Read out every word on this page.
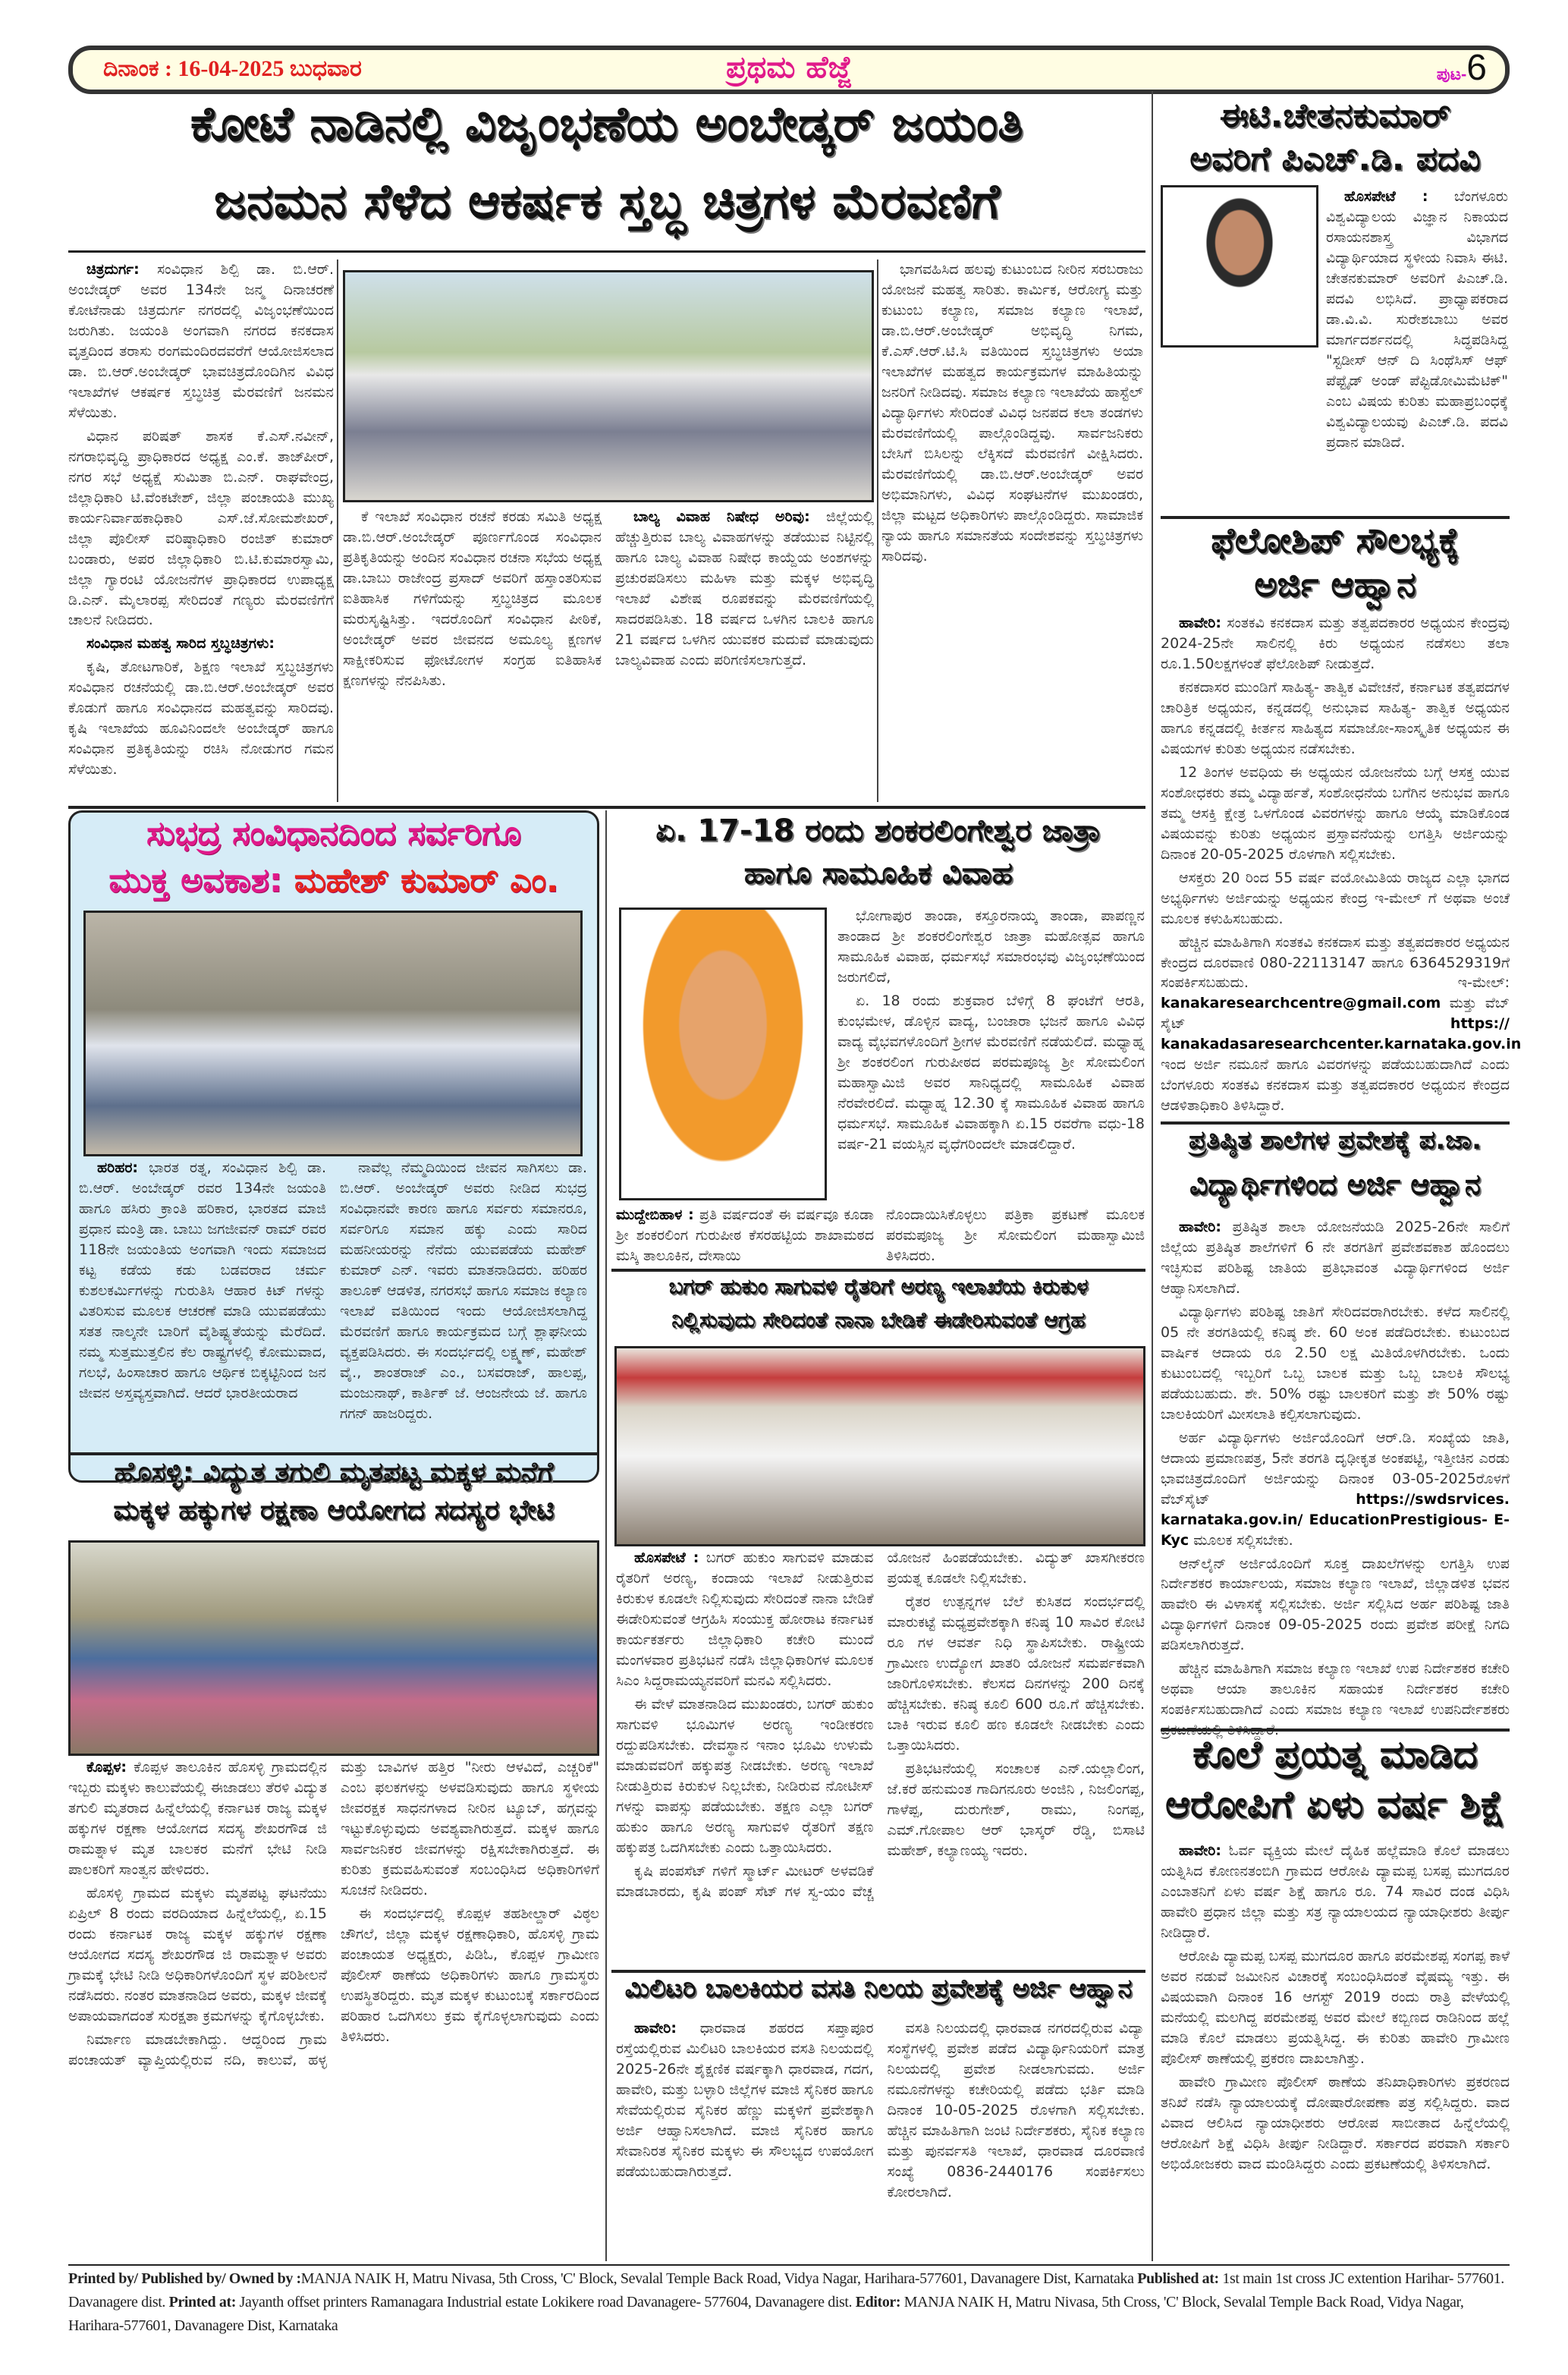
ದಿನಾಂಕ : 16-04-2025 ಬುಧವಾರ	ಪ್ರಥಮ ಹೆಜ್ಜೆ	ಪುಟ-6
ಕೋಟೆ ನಾಡಿನಲ್ಲಿ ವಿಜೃಂಭಣೆಯ ಅಂಬೇಡ್ಕರ್ ಜಯಂತಿ
ಜನಮನ ಸೆಳೆದ ಆಕರ್ಷಕ ಸ್ತಬ್ಧ ಚಿತ್ರಗಳ ಮೆರವಣಿಗೆ

ಚಿತ್ರದುರ್ಗ: ಸಂವಿಧಾನ ಶಿಲ್ಪಿ ಡಾ. ಬಿ.ಆರ್. ಅಂಬೇಡ್ಕರ್ ಅವರ 134ನೇ ಜನ್ಮ ದಿನಾಚರಣೆ ಕೋಟೆನಾಡು ಚಿತ್ರದುರ್ಗ ನಗರದಲ್ಲಿ ವಿಜೃಂಭಣೆಯಿಂದ ಜರುಗಿತು. ಜಯಂತಿ ಅಂಗವಾಗಿ ನಗರದ ಕನಕದಾಸ ವೃತ್ತದಿಂದ ತರಾಸು ರಂಗಮಂದಿರದವರೆಗೆ ಆಯೋಜಿಸಲಾದ ಡಾ. ಬಿ.ಆರ್.ಅಂಬೇಡ್ಕರ್ ಭಾವಚಿತ್ರದೊಂದಿಗಿನ ವಿವಿಧ ಇಲಾಖೆಗಳ ಆಕರ್ಷಕ ಸ್ತಬ್ಧಚಿತ್ರ ಮೆರವಣಿಗೆ ಜನಮನ ಸೆಳೆಯಿತು.

ವಿಧಾನ ಪರಿಷತ್ ಶಾಸಕ ಕೆ.ಎಸ್.ನವೀನ್, ನಗರಾಭಿವೃದ್ಧಿ ಪ್ರಾಧಿಕಾರದ ಅಧ್ಯಕ್ಷ ಎಂ.ಕೆ. ತಾಜ್‍ಪೀರ್, ನಗರ ಸಭೆ ಅಧ್ಯಕ್ಷೆ ಸುಮಿತಾ ಬಿ.ಎನ್. ರಾಘವೇಂದ್ರ, ಜಿಲ್ಲಾಧಿಕಾರಿ ಟಿ.ವೆಂಕಟೇಶ್, ಜಿಲ್ಲಾ ಪಂಚಾಯತಿ ಮುಖ್ಯ ಕಾರ್ಯನಿರ್ವಾಹಕಾಧಿಕಾರಿ ಎಸ್.ಜೆ.ಸೋಮಶೇಖರ್, ಜಿಲ್ಲಾ ಪೊಲೀಸ್ ವರಿಷ್ಠಾಧಿಕಾರಿ ರಂಜಿತ್ ಕುಮಾರ್ ಬಂಡಾರು, ಅಪರ ಜಿಲ್ಲಾಧಿಕಾರಿ ಬಿ.ಟಿ.ಕುಮಾರಸ್ವಾಮಿ, ಜಿಲ್ಲಾ ಗ್ಯಾರಂಟಿ ಯೋಜನೆಗಳ ಪ್ರಾಧಿಕಾರದ ಉಪಾಧ್ಯಕ್ಷ ಡಿ.ಎನ್. ಮೈಲಾರಪ್ಪ ಸೇರಿದಂತೆ ಗಣ್ಯರು ಮೆರವಣಿಗೆಗೆ ಚಾಲನೆ ನೀಡಿದರು.

ಸಂವಿಧಾನ ಮಹತ್ವ ಸಾರಿದ ಸ್ತಬ್ಧಚಿತ್ರಗಳು:

ಕೃಷಿ, ತೋಟಗಾರಿಕೆ, ಶಿಕ್ಷಣ ಇಲಾಖೆ ಸ್ತಬ್ಧಚಿತ್ರಗಳು ಸಂವಿಧಾನ ರಚನೆಯಲ್ಲಿ ಡಾ.ಬಿ.ಆರ್.ಅಂಬೇಡ್ಕರ್ ಅವರ ಕೊಡುಗೆ ಹಾಗೂ ಸಂವಿಧಾನದ ಮಹತ್ವವನ್ನು ಸಾರಿದವು. ಕೃಷಿ ಇಲಾಖೆಯ ಹೂವಿನಿಂದಲೇ ಅಂಬೇಡ್ಕರ್ ಹಾಗೂ ಸಂವಿಧಾನ ಪ್ರತಿಕೃತಿಯನ್ನು ರಚಿಸಿ ನೋಡುಗರ ಗಮನ ಸೆಳೆಯಿತು.

ಕೆ ಇಲಾಖೆ ಸಂವಿಧಾನ ರಚನೆ ಕರಡು ಸಮಿತಿ ಅಧ್ಯಕ್ಷ ಡಾ.ಬಿ.ಆರ್.ಅಂಬೇಡ್ಕರ್ ಪೂರ್ಣಗೊಂಡ ಸಂವಿಧಾನ ಪ್ರತಿಕೃತಿಯನ್ನು ಅಂದಿನ ಸಂವಿಧಾನ ರಚನಾ ಸಭೆಯ ಅಧ್ಯಕ್ಷ ಡಾ.ಬಾಬು ರಾಜೇಂದ್ರ ಪ್ರಸಾದ್ ಅವರಿಗೆ ಹಸ್ತಾಂತರಿಸುವ ಐತಿಹಾಸಿಕ ಗಳಿಗೆಯನ್ನು ಸ್ತಬ್ಧಚಿತ್ರದ ಮೂಲಕ ಮರುಸೃಷ್ಟಿಸಿತ್ತು. ಇದರೊಂದಿಗೆ ಸಂವಿಧಾನ ಪೀಠಿಕೆ, ಅಂಬೇಡ್ಕರ್ ಅವರ ಜೀವನದ ಅಮೂಲ್ಯ ಕ್ಷಣಗಳ ಸಾಕ್ಷೀಕರಿಸುವ ಫೋಟೋಗಳ ಸಂಗ್ರಹ ಐತಿಹಾಸಿಕ ಕ್ಷಣಗಳನ್ನು ನೆನಪಿಸಿತು.

ಬಾಲ್ಯ ವಿವಾಹ ನಿಷೇಧ ಅರಿವು: ಜಿಲ್ಲೆಯಲ್ಲಿ ಹೆಚ್ಚುತ್ತಿರುವ ಬಾಲ್ಯ ವಿವಾಹಗಳನ್ನು ತಡೆಯುವ ನಿಟ್ಟಿನಲ್ಲಿ ಹಾಗೂ ಬಾಲ್ಯ ವಿವಾಹ ನಿಷೇಧ ಕಾಯ್ದೆಯ ಅಂಶಗಳನ್ನು ಪ್ರಚುರಪಡಿಸಲು ಮಹಿಳಾ ಮತ್ತು ಮಕ್ಕಳ ಅಭಿವೃದ್ಧಿ ಇಲಾಖೆ ವಿಶೇಷ ರೂಪಕವನ್ನು ಮೆರವಣಿಗೆಯಲ್ಲಿ ಸಾದರಪಡಿಸಿತು. 18 ವರ್ಷದ ಒಳಗಿನ ಬಾಲಕಿ ಹಾಗೂ 21 ವರ್ಷದ ಒಳಗಿನ ಯುವಕರ ಮದುವೆ ಮಾಡುವುದು ಬಾಲ್ಯವಿವಾಹ ಎಂದು ಪರಿಗಣಿಸಲಾಗುತ್ತದೆ.

ಭಾಗವಹಿಸಿದ ಹಲವು ಕುಟುಂಬದ ನೀರಿನ ಸರಬರಾಜು ಯೋಜನೆ ಮಹತ್ವ ಸಾರಿತು. ಕಾರ್ಮಿಕ, ಆರೋಗ್ಯ ಮತ್ತು ಕುಟುಂಬ ಕಲ್ಯಾಣ, ಸಮಾಜ ಕಲ್ಯಾಣ ಇಲಾಖೆ, ಡಾ.ಬಿ.ಆರ್.ಅಂಬೇಡ್ಕರ್ ಅಭಿವೃದ್ಧಿ ನಿಗಮ, ಕೆ.ಎಸ್.ಆರ್.ಟಿ.ಸಿ ವತಿಯಿಂದ ಸ್ತಬ್ಧಚಿತ್ರಗಳು ಅಯಾ ಇಲಾಖೆಗಳ ಮಹತ್ವದ ಕಾರ್ಯಕ್ರಮಗಳ ಮಾಹಿತಿಯನ್ನು ಜನರಿಗೆ ನೀಡಿದವು. ಸಮಾಜ ಕಲ್ಯಾಣ ಇಲಾಖೆಯ ಹಾಸ್ಟೆಲ್ ವಿದ್ಯಾರ್ಥಿಗಳು ಸೇರಿದಂತೆ ವಿವಿಧ ಜನಪದ ಕಲಾ ತಂಡಗಳು ಮೆರವಣಿಗೆಯಲ್ಲಿ ಪಾಲ್ಗೊಂಡಿದ್ದವು. ಸಾರ್ವಜನಿಕರು ಬೇಸಿಗೆ ಬಿಸಿಲನ್ನು ಲೆಕ್ಕಿಸದೆ ಮೆರವಣಿಗೆ ವೀಕ್ಷಿಸಿದರು. ಮೆರವಣಿಗೆಯಲ್ಲಿ ಡಾ.ಬಿ.ಆರ್.ಅಂಬೇಡ್ಕರ್ ಅವರ ಅಭಿಮಾನಿಗಳು, ವಿವಿಧ ಸಂಘಟನೆಗಳ ಮುಖಂಡರು, ಜಿಲ್ಲಾ ಮಟ್ಟದ ಅಧಿಕಾರಿಗಳು ಪಾಲ್ಗೊಂಡಿದ್ದರು. ಸಾಮಾಜಿಕ ನ್ಯಾಯ ಹಾಗೂ ಸಮಾನತೆಯ ಸಂದೇಶವನ್ನು ಸ್ತಬ್ಧಚಿತ್ರಗಳು ಸಾರಿದವು.

ಈಟಿ.ಚೇತನಕುಮಾರ್
ಅವರಿಗೆ ಪಿಎಚ್.ಡಿ. ಪದವಿ

ಹೊಸಪೇಟೆ : ಬೆಂಗಳೂರು ವಿಶ್ವವಿದ್ಯಾಲಯ ವಿಜ್ಞಾನ ನಿಕಾಯದ ರಸಾಯನಶಾಸ್ತ್ರ ವಿಭಾಗದ ವಿದ್ಯಾರ್ಥಿಯಾದ ಸ್ಥಳೀಯ ನಿವಾಸಿ ಈಟಿ. ಚೇತನಕುಮಾರ್ ಅವರಿಗೆ ಪಿಎಚ್.ಡಿ. ಪದವಿ ಲಭಿಸಿದೆ. ಪ್ರಾಧ್ಯಾಪಕರಾದ ಡಾ.ವಿ.ವಿ. ಸುರೇಶಬಾಬು ಅವರ ಮಾರ್ಗದರ್ಶನದಲ್ಲಿ ಸಿದ್ಧಪಡಿಸಿದ್ದ "ಸ್ಟಡೀಸ್ ಆನ್ ದಿ ಸಿಂಥೆಸಿಸ್ ಆಫ್ ಪೆಪ್ಟೈಡ್ ಅಂಡ್ ಪೆಪ್ಟಿಡೋಮಿಮೆಟಿಕ್" ಎಂಬ ವಿಷಯ ಕುರಿತು ಮಹಾಪ್ರಬಂಧಕ್ಕೆ ವಿಶ್ವವಿದ್ಯಾಲಯವು ಪಿಎಚ್.ಡಿ. ಪದವಿ ಪ್ರದಾನ ಮಾಡಿದೆ.

ಫೆಲೋಶಿಪ್ ಸೌಲಭ್ಯಕ್ಕೆ
ಅರ್ಜಿ ಆಹ್ವಾನ

ಹಾವೇರಿ: ಸಂತಕವಿ ಕನಕದಾಸ ಮತ್ತು ತತ್ವಪದಕಾರರ ಅಧ್ಯಯನ ಕೇಂದ್ರವು 2024-25ನೇ ಸಾಲಿನಲ್ಲಿ ಕಿರು ಅಧ್ಯಯನ ನಡೆಸಲು ತಲಾ ರೂ.1.50ಲಕ್ಷಗಳಂತೆ ಫೆಲೋಶಿಪ್ ನೀಡುತ್ತದೆ.

ಕನಕದಾಸರ ಮುಂಡಿಗೆ ಸಾಹಿತ್ಯ- ತಾತ್ವಿಕ ವಿವೇಚನೆ, ಕರ್ನಾಟಕ ತತ್ವಪದಗಳ ಚಾರಿತ್ರಿಕ ಅಧ್ಯಯನ, ಕನ್ನಡದಲ್ಲಿ ಅನುಭಾವ ಸಾಹಿತ್ಯ- ತಾತ್ವಿಕ ಅಧ್ಯಯನ ಹಾಗೂ ಕನ್ನಡದಲ್ಲಿ ಕೀರ್ತನ ಸಾಹಿತ್ಯದ ಸಮಾಜೋ-ಸಾಂಸ್ಕೃತಿಕ ಅಧ್ಯಯನ ಈ ವಿಷಯಗಳ ಕುರಿತು ಅಧ್ಯಯನ ನಡೆಸಬೇಕು.

12 ತಿಂಗಳ ಅವಧಿಯ ಈ ಅಧ್ಯಯನ ಯೋಜನೆಯ ಬಗ್ಗೆ ಆಸಕ್ತ ಯುವ ಸಂಶೋಧಕರು ತಮ್ಮ ವಿದ್ಯಾರ್ಹತೆ, ಸಂಶೋಧನೆಯ ಬಗೆಗಿನ ಅನುಭವ ಹಾಗೂ ತಮ್ಮ ಆಸಕ್ತಿ ಕ್ಷೇತ್ರ ಒಳಗೊಂಡ ವಿವರಗಳನ್ನು ಹಾಗೂ ಆಯ್ಕೆ ಮಾಡಿಕೊಂಡ ವಿಷಯವನ್ನು ಕುರಿತು ಅಧ್ಯಯನ ಪ್ರಸ್ತಾವನೆಯನ್ನು ಲಗತ್ತಿಸಿ ಅರ್ಜಿಯನ್ನು ದಿನಾಂಕ 20-05-2025 ರೊಳಗಾಗಿ ಸಲ್ಲಿಸಬೇಕು.

ಆಸಕ್ತರು 20 ರಿಂದ 55 ವರ್ಷ ವಯೋಮಿತಿಯ ರಾಜ್ಯದ ಎಲ್ಲಾ ಭಾಗದ ಅಭ್ಯರ್ಥಿಗಳು ಅರ್ಜಿಯನ್ನು ಅಧ್ಯಯನ ಕೇಂದ್ರ ಇ-ಮೇಲ್ ಗೆ ಅಥವಾ ಅಂಚೆ ಮೂಲಕ ಕಳುಹಿಸಬಹುದು.

ಹೆಚ್ಚಿನ ಮಾಹಿತಿಗಾಗಿ ಸಂತಕವಿ ಕನಕದಾಸ ಮತ್ತು ತತ್ವಪದಕಾರರ ಅಧ್ಯಯನ ಕೇಂದ್ರದ ದೂರವಾಣಿ 080-22113147 ಹಾಗೂ 6364529319ಗೆ ಸಂಪರ್ಕಿಸಬಹುದು. ಇ-ಮೇಲ್: kanakaresearchcentre@gmail.com ಮತ್ತು ವೆಬ್ ಸೈಟ್	https:// kanakadasaresearchcenter.karnataka.gov.in ಇಂದ ಅರ್ಜಿ ನಮೂನೆ ಹಾಗೂ ವಿವರಗಳನ್ನು ಪಡೆಯಬಹುದಾಗಿದೆ ಎಂದು ಬೆಂಗಳೂರು ಸಂತಕವಿ ಕನಕದಾಸ ಮತ್ತು ತತ್ವಪದಕಾರರ ಅಧ್ಯಯನ ಕೇಂದ್ರದ ಆಡಳಿತಾಧಿಕಾರಿ ತಿಳಿಸಿದ್ದಾರೆ.

ಪ್ರತಿಷ್ಠಿತ ಶಾಲೆಗಳ ಪ್ರವೇಶಕ್ಕೆ ಪ.ಜಾ.
ವಿದ್ಯಾರ್ಥಿಗಳಿಂದ ಅರ್ಜಿ ಆಹ್ವಾನ

ಹಾವೇರಿ: ಪ್ರತಿಷ್ಠಿತ ಶಾಲಾ ಯೋಜನೆಯಡಿ 2025-26ನೇ ಸಾಲಿಗೆ ಜಿಲ್ಲೆಯ ಪ್ರತಿಷ್ಠಿತ ಶಾಲೆಗಳಿಗೆ 6 ನೇ ತರಗತಿಗೆ ಪ್ರವೇಶವಕಾಶ ಹೊಂದಲು ಇಚ್ಛಿಸುವ ಪರಿಶಿಷ್ಟ ಜಾತಿಯ ಪ್ರತಿಭಾವಂತ ವಿದ್ಯಾರ್ಥಿಗಳಿಂದ ಅರ್ಜಿ ಆಹ್ವಾನಿಸಲಾಗಿದೆ.

ವಿದ್ಯಾರ್ಥಿಗಳು ಪರಿಶಿಷ್ಟ ಜಾತಿಗೆ ಸೇರಿದವರಾಗಿರಬೇಕು. ಕಳೆದ ಸಾಲಿನಲ್ಲಿ 05 ನೇ ತರಗತಿಯಲ್ಲಿ ಕನಿಷ್ಠ ಶೇ. 60 ಅಂಕ ಪಡೆದಿರಬೇಕು. ಕುಟುಂಬದ ವಾರ್ಷಿಕ ಆದಾಯ ರೂ 2.50 ಲಕ್ಷ ಮಿತಿಯೊಳಗಿರಬೇಕು. ಒಂದು ಕುಟುಂಬದಲ್ಲಿ ಇಬ್ಬರಿಗೆ ಒಬ್ಬ ಬಾಲಕ ಮತ್ತು ಒಬ್ಬ ಬಾಲಕಿ ಸೌಲಭ್ಯ ಪಡೆಯಬಹುದು. ಶೇ. 50% ರಷ್ಟು ಬಾಲಕರಿಗೆ ಮತ್ತು ಶೇ 50% ರಷ್ಟು ಬಾಲಕಿಯರಿಗೆ ಮೀಸಲಾತಿ ಕಲ್ಪಿಸಲಾಗುವುದು.

ಅರ್ಹ ವಿದ್ಯಾರ್ಥಿಗಳು ಅರ್ಜಿಯೊಂದಿಗೆ ಆರ್.ಡಿ. ಸಂಖ್ಯೆಯ ಜಾತಿ, ಆದಾಯ ಪ್ರಮಾಣಪತ್ರ, 5ನೇ ತರಗತಿ ದೃಢೀಕೃತ ಅಂಕಪಟ್ಟಿ, ಇತ್ತೀಚಿನ ಎರಡು ಭಾವಚಿತ್ರದೊಂದಿಗೆ ಅರ್ಜಿಯನ್ನು ದಿನಾಂಕ 03-05-2025ರೊಳಗೆ ವೆಬ್‌ಸೈಟ್	https://swdsrvices. karnataka.gov.in/ EducationPrestigious- E-Kyc ಮೂಲಕ ಸಲ್ಲಿಸಬೇಕು.

ಆನ್‌ಲೈನ್ ಅರ್ಜಿಯೊಂದಿಗೆ ಸೂಕ್ತ ದಾಖಲೆಗಳನ್ನು ಲಗತ್ತಿಸಿ ಉಪ ನಿರ್ದೇಶಕರ ಕಾರ್ಯಾಲಯ, ಸಮಾಜ ಕಲ್ಯಾಣ ಇಲಾಖೆ, ಜಿಲ್ಲಾಡಳಿತ ಭವನ ಹಾವೇರಿ ಈ ವಿಳಾಸಕ್ಕೆ ಸಲ್ಲಿಸಬೇಕು. ಅರ್ಜಿ ಸಲ್ಲಿಸಿದ ಅರ್ಹ ಪರಿಶಿಷ್ಟ ಜಾತಿ ವಿದ್ಯಾರ್ಥಿಗಳಿಗೆ ದಿನಾಂಕ 09-05-2025 ರಂದು ಪ್ರವೇಶ ಪರೀಕ್ಷೆ ನಿಗದಿ ಪಡಿಸಲಾಗಿರುತ್ತದೆ.

ಹೆಚ್ಚಿನ ಮಾಹಿತಿಗಾಗಿ ಸಮಾಜ ಕಲ್ಯಾಣ ಇಲಾಖೆ ಉಪ ನಿರ್ದೇಶಕರ ಕಚೇರಿ ಅಥವಾ ಆಯಾ ತಾಲೂಕಿನ ಸಹಾಯಕ ನಿರ್ದೇಶಕರ ಕಚೇರಿ ಸಂಪರ್ಕಿಸಬಹುದಾಗಿದೆ ಎಂದು ಸಮಾಜ ಕಲ್ಯಾಣ ಇಲಾಖೆ ಉಪನಿರ್ದೇಶಕರು

ಕೊಲೆ ಪ್ರಯತ್ನ ಮಾಡಿದ
ಆರೋಪಿಗೆ ಏಳು ವರ್ಷ ಶಿಕ್ಷೆ

ಹಾವೇರಿ: ಓರ್ವ ವ್ಯಕ್ತಿಯ ಮೇಲೆ ದೈಹಿಕ ಹಲ್ಲೆಮಾಡಿ ಕೊಲೆ ಮಾಡಲು ಯತ್ನಿಸಿದ ಕೋಣನತಂಬಿಗಿ ಗ್ರಾಮದ ಆರೋಪಿ ದ್ಯಾಮಪ್ಪ ಬಸಪ್ಪ ಮುಗದೂರ ಎಂಬಾತನಿಗೆ ಏಳು ವರ್ಷ ಶಿಕ್ಷೆ ಹಾಗೂ ರೂ. 74 ಸಾವಿರ ದಂಡ ವಿಧಿಸಿ ಹಾವೇರಿ ಪ್ರಧಾನ ಜಿಲ್ಲಾ ಮತ್ತು ಸತ್ರ ನ್ಯಾಯಾಲಯದ ನ್ಯಾಯಾಧೀಶರು ತೀರ್ಪು ನೀಡಿದ್ದಾರೆ.

ಆರೋಪಿ ದ್ಯಾಮಪ್ಪ ಬಸಪ್ಪ ಮುಗದೂರ ಹಾಗೂ ಪರಮೇಶಪ್ಪ ಸಂಗಪ್ಪ ಕಾಳೆ ಅವರ ನಡುವೆ ಜಮೀನಿನ ವಿಚಾರಕ್ಕೆ ಸಂಬಂಧಿಸಿದಂತೆ ವೈಷಮ್ಯ ಇತ್ತು. ಈ ವಿಷಯವಾಗಿ ದಿನಾಂಕ 16 ಆಗಸ್ಟ್ 2019 ರಂದು ರಾತ್ರಿ ವೇಳೆಯಲ್ಲಿ ಮನೆಯಲ್ಲಿ ಮಲಗಿದ್ದ ಪರಮೇಶಪ್ಪ ಅವರ ಮೇಲೆ ಕಬ್ಬಿಣದ ರಾಡಿನಿಂದ ಹಲ್ಲೆ ಮಾಡಿ ಕೊಲೆ ಮಾಡಲು ಪ್ರಯತ್ನಿಸಿದ್ದ. ಈ ಕುರಿತು ಹಾವೇರಿ ಗ್ರಾಮೀಣ ಪೊಲೀಸ್ ಠಾಣೆಯಲ್ಲಿ ಪ್ರಕರಣ ದಾಖಲಾಗಿತ್ತು.

ಹಾವೇರಿ ಗ್ರಾಮೀಣ ಪೊಲೀಸ್ ಠಾಣೆಯ ತನಿಖಾಧಿಕಾರಿಗಳು ಪ್ರಕರಣದ ತನಿಖೆ ನಡೆಸಿ ನ್ಯಾಯಾಲಯಕ್ಕೆ ದೋಷಾರೋಪಣಾ ಪತ್ರ ಸಲ್ಲಿಸಿದ್ದರು. ವಾದ ವಿವಾದ ಆಲಿಸಿದ ನ್ಯಾಯಾಧೀಶರು ಆರೋಪ ಸಾಬೀತಾದ ಹಿನ್ನೆಲೆಯಲ್ಲಿ ಆರೋಪಿಗೆ ಶಿಕ್ಷೆ ವಿಧಿಸಿ ತೀರ್ಪು ನೀಡಿದ್ದಾರೆ. ಸರ್ಕಾರದ ಪರವಾಗಿ ಸರ್ಕಾರಿ ಅಭಿಯೋಜಕರು ವಾದ ಮಂಡಿಸಿದ್ದರು ಎಂದು ಪ್ರಕಟಣೆಯಲ್ಲಿ ತಿಳಿಸಲಾಗಿದೆ.

ಸುಭದ್ರ ಸಂವಿಧಾನದಿಂದ ಸರ್ವರಿಗೂ
ಮುಕ್ತ ಅವಕಾಶ: ಮಹೇಶ್ ಕುಮಾರ್ ಎಂ.

ಹರಿಹರ: ಭಾರತ ರತ್ನ, ಸಂವಿಧಾನ ಶಿಲ್ಪಿ ಡಾ. ಬಿ.ಆರ್. ಅಂಬೇಡ್ಕರ್ ರವರ 134ನೇ ಜಯಂತಿ ಹಾಗೂ ಹಸಿರು ಕ್ರಾಂತಿ ಹರಿಕಾರ, ಭಾರತದ ಮಾಜಿ ಪ್ರಧಾನ ಮಂತ್ರಿ ಡಾ. ಬಾಬು ಜಗಜೀವನ್ ರಾಮ್ ರವರ 118ನೇ ಜಯಂತಿಯ ಅಂಗವಾಗಿ ಇಂದು ಸಮಾಜದ ಕಟ್ಟ ಕಡೆಯ ಕಡು ಬಡವರಾದ ಚರ್ಮ ಕುಶಲಕರ್ಮಿಗಳನ್ನು ಗುರುತಿಸಿ ಆಹಾರ ಕಿಟ್ ಗಳನ್ನು ವಿತರಿಸುವ ಮೂಲಕ ಆಚರಣೆ ಮಾಡಿ ಯುವಪಡೆಯು ಸತತ ನಾಲ್ಕನೇ ಬಾರಿಗೆ ವೈಶಿಷ್ಟ್ಯತೆಯನ್ನು ಮೆರೆದಿದೆ. ನಮ್ಮ ಸುತ್ತಮುತ್ತಲಿನ ಕೆಲ ರಾಷ್ಟ್ರಗಳಲ್ಲಿ ಕೋಮುವಾದ, ಗಲಭೆ, ಹಿಂಸಾಚಾರ ಹಾಗೂ ಆರ್ಥಿಕ ಬಿಕ್ಕಟ್ಟಿನಿಂದ ಜನ ಜೀವನ ಅಸ್ತವ್ಯಸ್ತವಾಗಿದೆ. ಆದರೆ ಭಾರತೀಯರಾದ

ನಾವೆಲ್ಲ ನೆಮ್ಮದಿಯಿಂದ ಜೀವನ ಸಾಗಿಸಲು ಡಾ. ಬಿ.ಆರ್. ಅಂಬೇಡ್ಕರ್ ಅವರು ನೀಡಿದ ಸುಭದ್ರ ಸಂವಿಧಾನವೇ ಕಾರಣ ಹಾಗೂ ಸರ್ವರು ಸಮಾನರೂ, ಸರ್ವರಿಗೂ ಸಮಾನ ಹಕ್ಕು ಎಂದು ಸಾರಿದ ಮಹನೀಯರನ್ನು ನೆನೆದು ಯುವಪಡೆಯ ಮಹೇಶ್ ಕುಮಾರ್ ಎನ್. ಇವರು ಮಾತನಾಡಿದರು. ಹರಿಹರ ತಾಲೂಕ್ ಆಡಳಿತ, ನಗರಸಭೆ ಹಾಗೂ ಸಮಾಜ ಕಲ್ಯಾಣ ಇಲಾಖೆ ವತಿಯಿಂದ ಇಂದು ಆಯೋಜಿಸಲಾಗಿದ್ದ ಮೆರವಣಿಗೆ ಹಾಗೂ ಕಾರ್ಯಕ್ರಮದ ಬಗ್ಗೆ ಶ್ಲಾಘನೀಯ ವ್ಯಕ್ತಪಡಿಸಿದರು. ಈ ಸಂದರ್ಭದಲ್ಲಿ ಲಕ್ಷ್ಮಣ್, ಮಹೇಶ್ ವೈ., ಶಾಂತರಾಜ್ ಎಂ., ಬಸವರಾಜ್, ಹಾಲಪ್ಪ, ಮಂಜುನಾಥ್, ಕಾರ್ತಿಕ್ ಜೆ. ಆಂಜನೇಯ ಜೆ. ಹಾಗೂ ಗಗನ್ ಹಾಜರಿದ್ದರು.

ಏ. 17-18 ರಂದು ಶಂಕರಲಿಂಗೇಶ್ವರ ಜಾತ್ರಾ
ಹಾಗೂ ಸಾಮೂಹಿಕ ವಿವಾಹ

ಭೋಗಾಪುರ ತಾಂಡಾ, ಕಸ್ತೂರನಾಯ್ಕ ತಾಂಡಾ, ಪಾಪಣ್ಣನ ತಾಂಡಾದ ಶ್ರೀ ಶಂಕರಲಿಂಗೇಶ್ವರ ಜಾತ್ರಾ ಮಹೋತ್ಸವ ಹಾಗೂ ಸಾಮೂಹಿಕ ವಿವಾಹ, ಧರ್ಮಸಭೆ ಸಮಾರಂಭವು ವಿಜೃಂಭಣೆಯಿಂದ ಜರುಗಲಿದೆ,

ಏ. 18 ರಂದು ಶುಕ್ರವಾರ ಬೆಳಿಗ್ಗೆ 8 ಘಂಟೆಗೆ ಆರತಿ, ಕುಂಭಮೇಳ, ಡೊಳ್ಳಿನ ವಾದ್ಯ, ಬಂಜಾರಾ ಭಜನೆ ಹಾಗೂ ವಿವಿಧ ವಾದ್ಯ ವೈಭವಗಳೊಂದಿಗೆ ಶ್ರೀಗಳ ಮೆರವಣಿಗೆ ನಡೆಯಲಿದೆ. ಮಧ್ಯಾಹ್ನ ಶ್ರೀ ಶಂಕರಲಿಂಗ ಗುರುಪೀಠದ ಪರಮಪೂಜ್ಯ ಶ್ರೀ ಸೋಮಲಿಂಗ ಮಹಾಸ್ವಾಮಿಜಿ ಅವರ ಸಾನಿಧ್ಯದಲ್ಲಿ ಸಾಮೂಹಿಕ ವಿವಾಹ ನೆರವೇರಲಿದೆ. ಮಧ್ಯಾಹ್ನ 12.30 ಕ್ಕೆ ಸಾಮೂಹಿಕ ವಿವಾಹ ಹಾಗೂ ಧರ್ಮಸಭೆ. ಸಾಮೂಹಿಕ ವಿವಾಹಕ್ಕಾಗಿ ಏ.15 ರವರೆಗಾ ವಧು-18 ವರ್ಷ-21 ವಯಸ್ಸಿನ ವೃಧೆಗರಿಂದಲೇ ಮಾಡಲಿದ್ದಾರೆ.

ಮುದ್ದೇಬಿಹಾಳ : ಪ್ರತಿ ವರ್ಷದಂತೆ ಈ ವರ್ಷವೂ ಕೂಡಾ ಶ್ರೀ ಶಂಕರಲಿಂಗ ಗುರುಪೀಠ ಕೆಸರಹಟ್ಟಿಯ ಶಾಖಾಮಠದ ಮಸ್ಕಿ ತಾಲೂಕಿನ, ದೇಸಾಯಿ

ನೊಂದಾಯಿಸಿಕೊಳ್ಳಲು ಪತ್ರಿಕಾ ಪ್ರಕಟಣೆ ಮೂಲಕ ಪರಮಪೂಜ್ಯ ಶ್ರೀ ಸೋಮಲಿಂಗ ಮಹಾಸ್ವಾಮಿಜಿ ತಿಳಿಸಿದರು.

ಬಗರ್ ಹುಕುಂ ಸಾಗುವಳಿ ರೈತರಿಗೆ ಅರಣ್ಯ ಇಲಾಖೆಯ ಕಿರುಕುಳ
ನಿಲ್ಲಿಸುವುದು ಸೇರಿದಂತೆ ನಾನಾ ಬೇಡಿಕೆ ಈಡೇರಿಸುವಂತೆ ಆಗ್ರಹ

ಹೊಸಪೇಟೆ : ಬಗರ್ ಹುಕುಂ ಸಾಗುವಳಿ ಮಾಡುವ ರೈತರಿಗೆ ಅರಣ್ಯ, ಕಂದಾಯ ಇಲಾಖೆ ನೀಡುತ್ತಿರುವ ಕಿರುಕುಳ ಕೂಡಲೇ ನಿಲ್ಲಿಸುವುದು ಸೇರಿದಂತೆ ನಾನಾ ಬೇಡಿಕೆ ಈಡೇರಿಸುವಂತೆ ಆಗ್ರಹಿಸಿ ಸಂಯುಕ್ತ ಹೋರಾಟ ಕರ್ನಾಟಕ ಕಾರ್ಯಕರ್ತರು ಜಿಲ್ಲಾಧಿಕಾರಿ ಕಚೇರಿ ಮುಂದೆ ಮಂಗಳವಾರ ಪ್ರತಿಭಟನೆ ನಡೆಸಿ ಜಿಲ್ಲಾಧಿಕಾರಿಗಳ ಮೂಲಕ ಸಿಎಂ ಸಿದ್ದರಾಮಯ್ಯನವರಿಗೆ ಮನವಿ ಸಲ್ಲಿಸಿದರು.

ಈ ವೇಳೆ ಮಾತನಾಡಿದ ಮುಖಂಡರು, ಬಗರ್ ಹುಕುಂ ಸಾಗುವಳಿ ಭೂಮಿಗಳ ಅರಣ್ಯ ಇಂಡೀಕರಣ ರದ್ದುಪಡಿಸಬೇಕು. ದೇವಸ್ಥಾನ ಇನಾಂ ಭೂಮಿ ಉಳುಮೆ ಮಾಡುವವರಿಗೆ ಹಕ್ಕುಪತ್ರ ನೀಡಬೇಕು. ಅರಣ್ಯ ಇಲಾಖೆ ನೀಡುತ್ತಿರುವ ಕಿರುಕುಳ ನಿಲ್ಲಬೇಕು, ನೀಡಿರುವ ನೋಟೀಸ್ ಗಳನ್ನು ವಾಪಸ್ಸು ಪಡೆಯಬೇಕು. ತಕ್ಷಣ ಎಲ್ಲಾ ಬಗರ್ ಹುಕುಂ ಹಾಗೂ ಅರಣ್ಯ ಸಾಗುವಳಿ ರೈತರಿಗೆ ತಕ್ಷಣ ಹಕ್ಕುಪತ್ರ ಒದಗಿಸಬೇಕು ಎಂದು ಒತ್ತಾಯಿಸಿದರು.

ಕೃಷಿ ಪಂಪಸೆಟ್ ಗಳಿಗೆ ಸ್ಮಾರ್ಟ್ ಮೀಟರ್ ಅಳವಡಿಕೆ ಮಾಡಬಾರದು, ಕೃಷಿ ಪಂಪ್ ಸೆಟ್ ಗಳ ಸ್ವ-ಯಂ ವೆಚ್ಚ ಯೋಜನೆ ಹಿಂಪಡೆಯಬೇಕು. ವಿದ್ಯುತ್ ಖಾಸಗೀಕರಣ ಪ್ರಯತ್ನ ಕೂಡಲೇ ನಿಲ್ಲಿಸಬೇಕು.

ರೈತರ ಉತ್ಪನ್ನಗಳ ಬೆಲೆ ಕುಸಿತದ ಸಂದರ್ಭದಲ್ಲಿ ಮಾರುಕಟ್ಟೆ ಮಧ್ಯಪ್ರವೇಶಕ್ಕಾಗಿ ಕನಿಷ್ಠ 10 ಸಾವಿರ ಕೋಟಿ ರೂ ಗಳ ಆವರ್ತ ನಿಧಿ ಸ್ಥಾಪಿಸಬೇಕು. ರಾಷ್ಟ್ರೀಯ ಗ್ರಾಮೀಣ ಉದ್ಯೋಗ ಖಾತರಿ ಯೋಜನೆ ಸಮರ್ಪಕವಾಗಿ ಜಾರಿಗೊಳಿಸಬೇಕು. ಕೆಲಸದ ದಿನಗಳನ್ನು 200 ದಿನಕ್ಕೆ ಹೆಚ್ಚಿಸಬೇಕು. ಕನಿಷ್ಠ ಕೂಲಿ 600 ರೂ.ಗೆ ಹೆಚ್ಚಿಸಬೇಕು. ಬಾಕಿ ಇರುವ ಕೂಲಿ ಹಣ ಕೂಡಲೇ ನೀಡಬೇಕು ಎಂದು ಒತ್ತಾಯಿಸಿದರು.

ಪ್ರತಿಭಟನೆಯಲ್ಲಿ ಸಂಚಾಲಕ ಎನ್.ಯಲ್ಲಾಲಿಂಗ, ಜೆ.ಕರೆ ಹನುಮಂತ ಗಾದಿಗನೂರು ಅಂಜಿನಿ , ನಿಜಲಿಂಗಪ್ಪ, ಗಾಳೆಪ್ಪ, ದುರುಗೇಶ್, ರಾಮು, ನಿಂಗಪ್ಪ, ಎಮ್.ಗೋಪಾಲ ಆರ್ ಭಾಸ್ಕರ್ ರೆಡ್ಡಿ, ಬಿಸಾಟಿ ಮಹೇಶ್, ಕಲ್ಯಾಣಯ್ಯ ಇದರು.

ಮಿಲಿಟರಿ ಬಾಲಕಿಯರ ವಸತಿ ನಿಲಯ ಪ್ರವೇಶಕ್ಕೆ ಅರ್ಜಿ ಆಹ್ವಾನ

ಹಾವೇರಿ: ಧಾರವಾಡ ಶಹರದ ಸಪ್ತಾಪೂರ ರಸ್ತೆಯಲ್ಲಿರುವ ಮಿಲಿಟರಿ ಬಾಲಕಿಯರ ವಸತಿ ನಿಲಯದಲ್ಲಿ 2025-26ನೇ ಶೈಕ್ಷಣಿಕ ವರ್ಷಕ್ಕಾಗಿ ಧಾರವಾಡ, ಗದಗ, ಹಾವೇರಿ, ಮತ್ತು ಬಳ್ಳಾರಿ ಜಿಲ್ಲೆಗಳ ಮಾಜಿ ಸೈನಿಕರ ಹಾಗೂ ಸೇವೆಯಲ್ಲಿರುವ ಸೈನಿಕರ ಹೆಣ್ಣು ಮಕ್ಕಳಿಗೆ ಪ್ರವೇಶಕ್ಕಾಗಿ ಅರ್ಜಿ ಆಹ್ವಾನಿಸಲಾಗಿದೆ. ಮಾಜಿ ಸೈನಿಕರ ಹಾಗೂ ಸೇವಾನಿರತ ಸೈನಿಕರ ಮಕ್ಕಳು ಈ ಸೌಲಭ್ಯದ ಉಪಯೋಗ ಪಡೆಯಬಹುದಾಗಿರುತ್ತದೆ.

ವಸತಿ ನಿಲಯದಲ್ಲಿ ಧಾರವಾಡ ನಗರದಲ್ಲಿರುವ ವಿದ್ಯಾ ಸಂಸ್ಥೆಗಳಲ್ಲಿ ಪ್ರವೇಶ ಪಡೆದ ವಿದ್ಯಾರ್ಥಿನಿಯರಿಗೆ ಮಾತ್ರ ನಿಲಯದಲ್ಲಿ ಪ್ರವೇಶ ನೀಡಲಾಗುವದು. ಅರ್ಜಿ ನಮೂನೆಗಳನ್ನು ಕಚೇರಿಯಲ್ಲಿ ಪಡೆದು ಭರ್ತಿ ಮಾಡಿ ದಿನಾಂಕ 10-05-2025 ರೊಳಗಾಗಿ ಸಲ್ಲಿಸಬೇಕು. ಹೆಚ್ಚಿನ ಮಾಹಿತಿಗಾಗಿ ಜಂಟಿ ನಿರ್ದೇಶಕರು, ಸೈನಿಕ ಕಲ್ಯಾಣ ಮತ್ತು ಪುನರ್ವಸತಿ ಇಲಾಖೆ, ಧಾರವಾಡ ದೂರವಾಣಿ ಸಂಖ್ಯೆ 0836-2440176 ಸಂಪರ್ಕಿಸಲು ಕೋರಲಾಗಿದೆ.

ಹೊಸಳ್ಳಿ: ವಿದ್ಯುತ ತಗುಲಿ ಮೃತಪಟ್ಟ ಮಕ್ಕಳ ಮನೆಗೆ
ಮಕ್ಕಳ ಹಕ್ಕುಗಳ ರಕ್ಷಣಾ ಆಯೋಗದ ಸದಸ್ಯರ ಭೇಟಿ

ಕೊಪ್ಪಳ: ಕೊಪ್ಪಳ ತಾಲೂಕಿನ ಹೊಸಳ್ಳಿ ಗ್ರಾಮದಲ್ಲಿನ ಇಬ್ಬರು ಮಕ್ಕಳು ಕಾಲುವೆಯಲ್ಲಿ ಈಜಾಡಲು ತೆರಳಿ ವಿದ್ಯುತ ತಗುಲಿ ಮೃತರಾದ ಹಿನ್ನೆಲೆಯಲ್ಲಿ ಕರ್ನಾಟಕ ರಾಜ್ಯ ಮಕ್ಕಳ ಹಕ್ಕುಗಳ ರಕ್ಷಣಾ ಆಯೋಗದ ಸದಸ್ಯ ಶೇಖರಗೌಡ ಜಿ ರಾಮತ್ನಾಳ ಮೃತ ಬಾಲಕರ ಮನೆಗೆ ಭೇಟಿ ನೀಡಿ ಪಾಲಕರಿಗೆ ಸಾಂತ್ವನ ಹೇಳಿದರು.

ಹೊಸಳ್ಳಿ ಗ್ರಾಮದ ಮಕ್ಕಳು ಮೃತಪಟ್ಟ ಘಟನೆಯು ಏಪ್ರಿಲ್ 8 ರಂದು ವರದಿಯಾದ ಹಿನ್ನೆಲೆಯಲ್ಲಿ, ಏ.15 ರಂದು ಕರ್ನಾಟಕ ರಾಜ್ಯ ಮಕ್ಕಳ ಹಕ್ಕುಗಳ ರಕ್ಷಣಾ ಆಯೋಗದ ಸದಸ್ಯ ಶೇಖರಗೌಡ ಜಿ ರಾಮತ್ನಾಳ ಅವರು ಗ್ರಾಮಕ್ಕೆ ಭೇಟಿ ನೀಡಿ ಅಧಿಕಾರಿಗಳೊಂದಿಗೆ ಸ್ಥಳ ಪರಿಶೀಲನೆ ನಡೆಸಿದರು. ನಂತರ ಮಾತನಾಡಿದ ಅವರು, ಮಕ್ಕಳ ಜೀವಕ್ಕೆ ಅಪಾಯವಾಗದಂತೆ ಸುರಕ್ಷತಾ ಕ್ರಮಗಳನ್ನು ಕೈಗೊಳ್ಳಬೇಕು.

ನಿರ್ಮಾಣ ಮಾಡಬೇಕಾಗಿದ್ದು. ಆದ್ದರಿಂದ ಗ್ರಾಮ ಪಂಚಾಯತ್ ವ್ಯಾಪ್ತಿಯಲ್ಲಿರುವ ನದಿ, ಕಾಲುವೆ, ಹಳ್ಳ ಮತ್ತು ಬಾವಿಗಳ ಹತ್ತಿರ "ನೀರು ಆಳವಿದೆ, ಎಚ್ಚರಿಕೆ" ಎಂಬ ಫಲಕಗಳನ್ನು ಅಳವಡಿಸುವುದು ಹಾಗೂ ಸ್ಥಳೀಯ ಜೀವರಕ್ಷಕ ಸಾಧನಗಳಾದ ನೀರಿನ ಟ್ಯೂಬ್, ಹಗ್ಗವನ್ನು ಇಟ್ಟುಕೊಳ್ಳುವುದು ಅವಶ್ಯವಾಗಿರುತ್ತದೆ. ಮಕ್ಕಳ ಹಾಗೂ ಸಾರ್ವಜನಿಕರ ಜೀವಗಳನ್ನು ರಕ್ಷಿಸಬೇಕಾಗಿರುತ್ತದೆ. ಈ ಕುರಿತು ಕ್ರಮವಹಿಸುವಂತೆ ಸಂಬಂಧಿಸಿದ ಅಧಿಕಾರಿಗಳಿಗೆ ಸೂಚನೆ ನೀಡಿದರು.

ಈ ಸಂದರ್ಭದಲ್ಲಿ ಕೊಪ್ಪಳ ತಹಶೀಲ್ದಾರ್ ವಿಠ್ಠಲ ಚೌಗಲೆ, ಜಿಲ್ಲಾ ಮಕ್ಕಳ ರಕ್ಷಣಾಧಿಕಾರಿ, ಹೊಸಳ್ಳಿ ಗ್ರಾಮ ಪಂಚಾಯತ ಅಧ್ಯಕ್ಷರು, ಪಿಡಿಓ, ಕೊಪ್ಪಳ ಗ್ರಾಮೀಣ ಪೊಲೀಸ್ ಠಾಣೆಯ ಅಧಿಕಾರಿಗಳು ಹಾಗೂ ಗ್ರಾಮಸ್ಥರು ಉಪಸ್ಥಿತರಿದ್ದರು. ಮೃತ ಮಕ್ಕಳ ಕುಟುಂಬಕ್ಕೆ ಸರ್ಕಾರದಿಂದ ಪರಿಹಾರ ಒದಗಿಸಲು ಕ್ರಮ ಕೈಗೊಳ್ಳಲಾಗುವುದು ಎಂದು ತಿಳಿಸಿದರು.

Printed by/ Published by/ Owned by :MANJA NAIK H, Matru Nivasa, 5th Cross, 'C' Block, Sevalal Temple Back Road, Vidya Nagar, Harihara-577601, Davanagere Dist, Karnataka Published at: 1st main 1st cross JC extention Harihar- 577601. Davanagere dist. Printed at: Jayanth offset printers Ramanagara Industrial estate Lokikere road Davanagere- 577604, Davanagere dist. Editor: MANJA NAIK H, Matru Nivasa, 5th Cross, 'C' Block, Sevalal Temple Back Road, Vidya Nagar, Harihara-577601, Davanagere Dist, Karnataka
